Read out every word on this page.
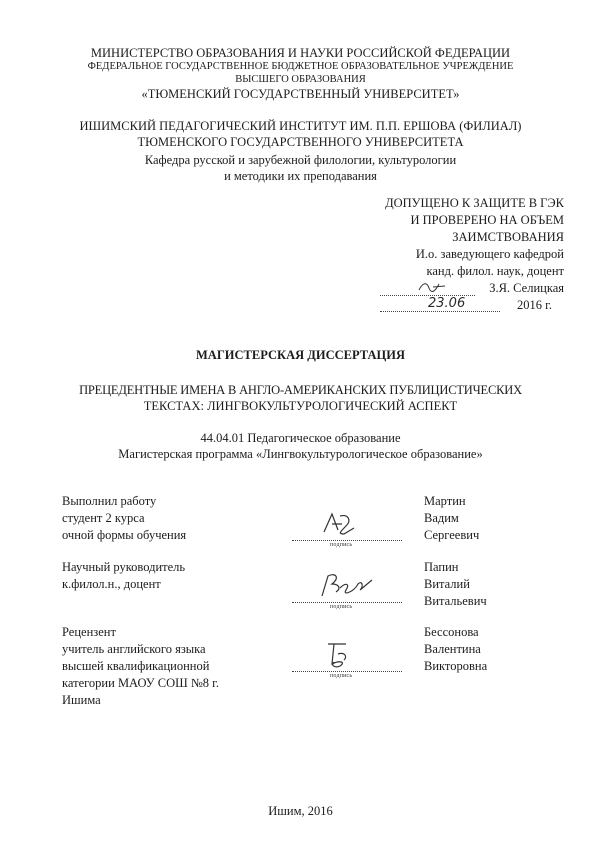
МИНИСТЕРСТВО ОБРАЗОВАНИЯ И НАУКИ РОССИЙСКОЙ ФЕДЕРАЦИИ
ФЕДЕРАЛЬНОЕ ГОСУДАРСТВЕННОЕ БЮДЖЕТНОЕ ОБРАЗОВАТЕЛЬНОЕ УЧРЕЖДЕНИЕ
ВЫСШЕГО ОБРАЗОВАНИЯ
«ТЮМЕНСКИЙ ГОСУДАРСТВЕННЫЙ УНИВЕРСИТЕТ»
ИШИМСКИЙ ПЕДАГОГИЧЕСКИЙ ИНСТИТУТ ИМ. П.П. ЕРШОВА (ФИЛИАЛ)
ТЮМЕНСКОГО ГОСУДАРСТВЕННОГО УНИВЕРСИТЕТА
Кафедра русской и зарубежной филологии, культурологии
и методики их преподавания
ДОПУЩЕНО К ЗАЩИТЕ В ГЭК
И ПРОВЕРЕНО НА ОБЪЕМ
ЗАИМСТВОВАНИЯ
И.о. заведующего кафедрой
канд. филол. наук, доцент
З.Я. Селицкая
23.06	2016 г.
МАГИСТЕРСКАЯ ДИССЕРТАЦИЯ
ПРЕЦЕДЕНТНЫЕ ИМЕНА В АНГЛО-АМЕРИКАНСКИХ ПУБЛИЦИСТИЧЕСКИХ
ТЕКСТАХ: ЛИНГВОКУЛЬТУРОЛОГИЧЕСКИЙ АСПЕКТ
44.04.01 Педагогическое образование
Магистерская программа «Лингвокультурологическое образование»
Выполнил работу
студент 2 курса
очной формы обучения
подпись
Мартин
Вадим
Сергеевич
Научный руководитель
к.филол.н., доцент
подпись
Папин
Виталий
Витальевич
Рецензент
учитель английского языка
высшей квалификационной
категории МАОУ СОШ №8 г.
Ишима
подпись
Бессонова
Валентина
Викторовна
Ишим, 2016
